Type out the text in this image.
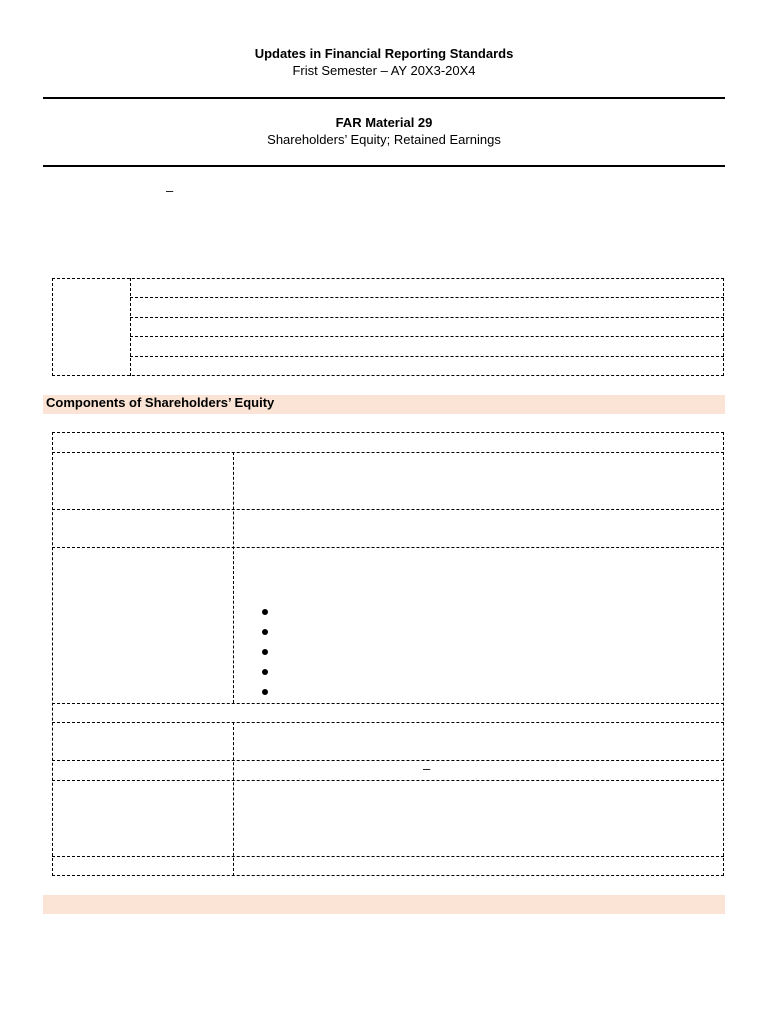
Updates in Financial Reporting Standards
Frist Semester – AY 20X3-20X4
FAR Material 29
Shareholders’ Equity; Retained Earnings
–
Components of Shareholders’ Equity
–
